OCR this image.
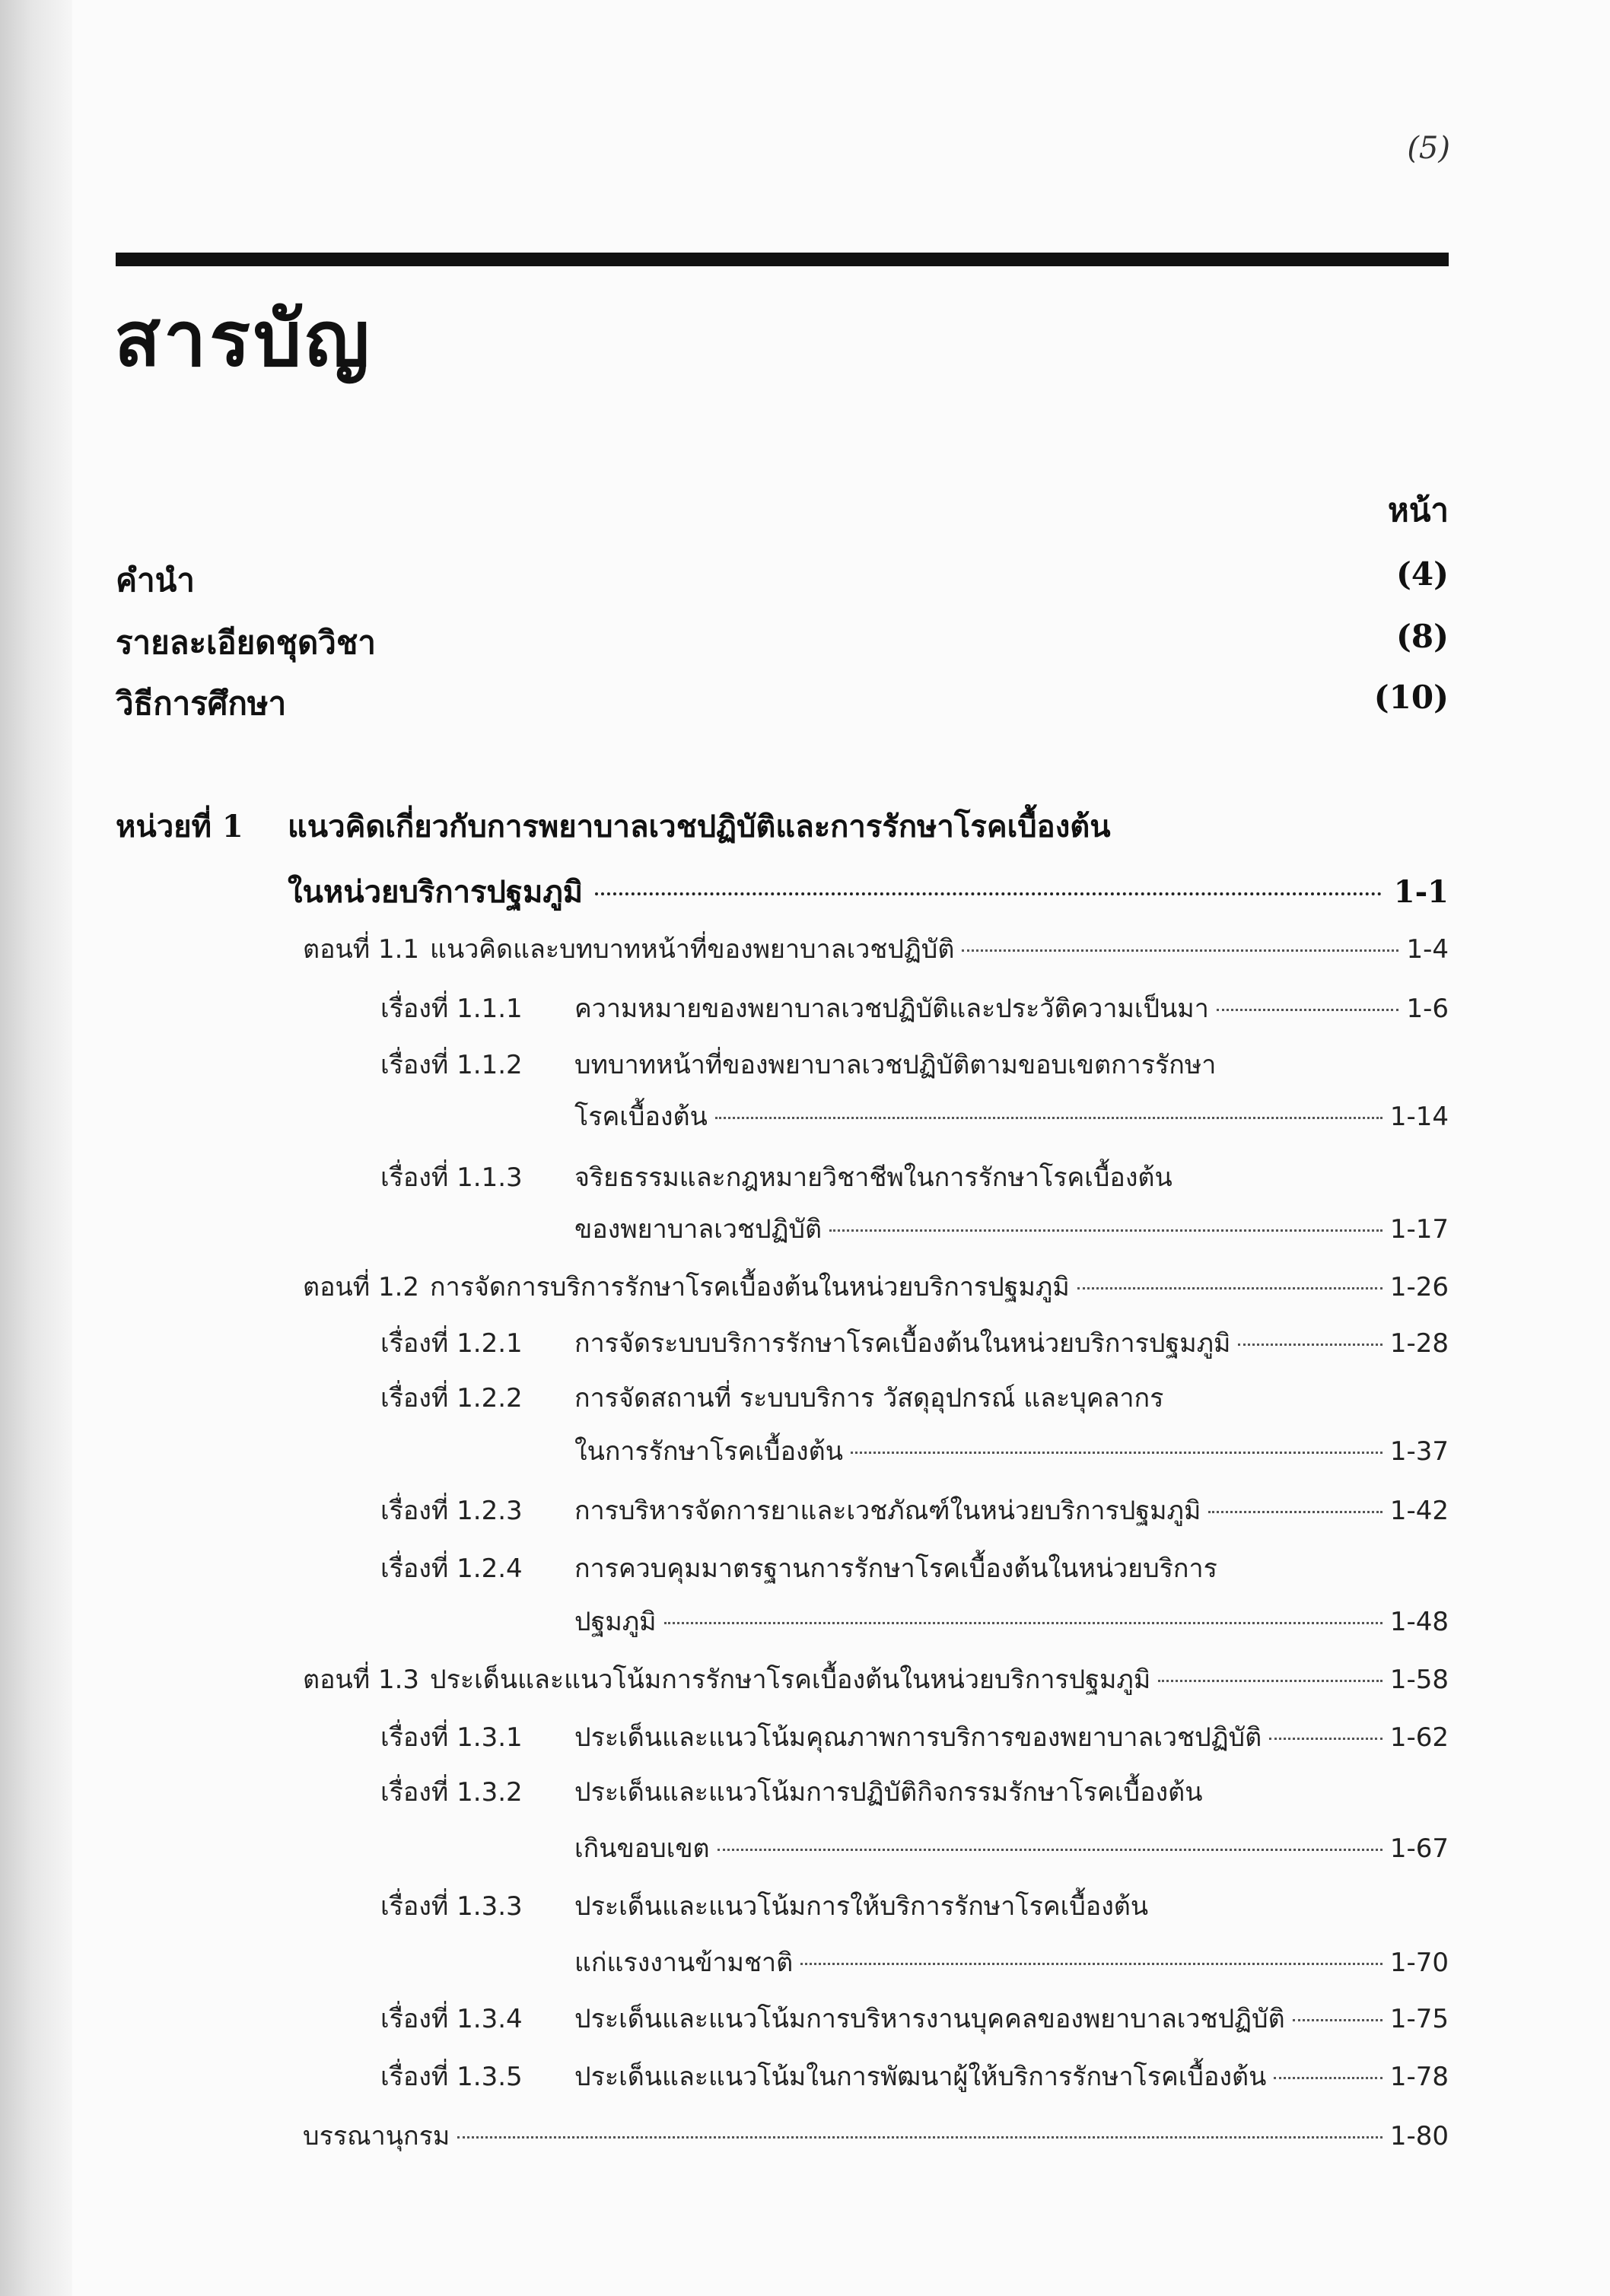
(5)
สารบัญ
หน้า
คำนำ	(4)
รายละเอียดชุดวิชา	(8)
วิธีการศึกษา	(10)
หน่วยที่ 1 แนวคิดเกี่ยวกับการพยาบาลเวชปฏิบัติและการรักษาโรคเบื้องต้น
ในหน่วยบริการปฐมภูมิ	1-1
ตอนที่ 1.1 แนวคิดและบทบาทหน้าที่ของพยาบาลเวชปฏิบัติ	1-4
เรื่องที่ 1.1.1 ความหมายของพยาบาลเวชปฏิบัติและประวัติความเป็นมา	1-6
เรื่องที่ 1.1.2 บทบาทหน้าที่ของพยาบาลเวชปฏิบัติตามขอบเขตการรักษา
โรคเบื้องต้น	1-14
เรื่องที่ 1.1.3 จริยธรรมและกฎหมายวิชาชีพในการรักษาโรคเบื้องต้น
ของพยาบาลเวชปฏิบัติ	1-17
ตอนที่ 1.2 การจัดการบริการรักษาโรคเบื้องต้นในหน่วยบริการปฐมภูมิ	1-26
เรื่องที่ 1.2.1 การจัดระบบบริการรักษาโรคเบื้องต้นในหน่วยบริการปฐมภูมิ	1-28
เรื่องที่ 1.2.2 การจัดสถานที่ ระบบบริการ วัสดุอุปกรณ์ และบุคลากร
ในการรักษาโรคเบื้องต้น	1-37
เรื่องที่ 1.2.3 การบริหารจัดการยาและเวชภัณฑ์ในหน่วยบริการปฐมภูมิ	1-42
เรื่องที่ 1.2.4 การควบคุมมาตรฐานการรักษาโรคเบื้องต้นในหน่วยบริการ
ปฐมภูมิ	1-48
ตอนที่ 1.3 ประเด็นและแนวโน้มการรักษาโรคเบื้องต้นในหน่วยบริการปฐมภูมิ	1-58
เรื่องที่ 1.3.1 ประเด็นและแนวโน้มคุณภาพการบริการของพยาบาลเวชปฏิบัติ	1-62
เรื่องที่ 1.3.2 ประเด็นและแนวโน้มการปฏิบัติกิจกรรมรักษาโรคเบื้องต้น
เกินขอบเขต	1-67
เรื่องที่ 1.3.3 ประเด็นและแนวโน้มการให้บริการรักษาโรคเบื้องต้น
แก่แรงงานข้ามชาติ	1-70
เรื่องที่ 1.3.4 ประเด็นและแนวโน้มการบริหารงานบุคคลของพยาบาลเวชปฏิบัติ	1-75
เรื่องที่ 1.3.5 ประเด็นและแนวโน้มในการพัฒนาผู้ให้บริการรักษาโรคเบื้องต้น	1-78
บรรณานุกรม	1-80
